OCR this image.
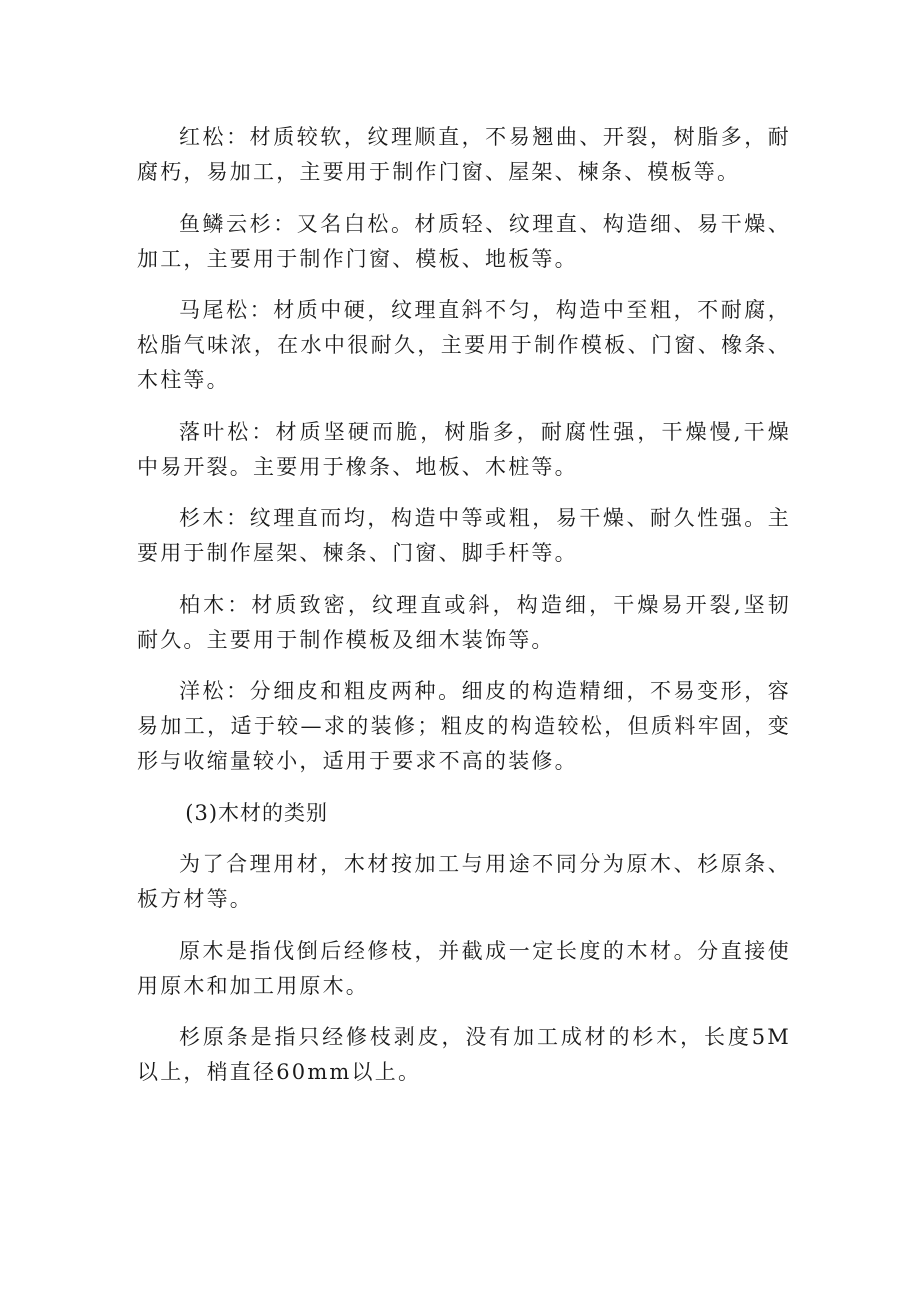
红松：材质较软，纹理顺直，不易翘曲、开裂，树脂多，耐腐朽，易加工，主要用于制作门窗、屋架、楝条、模板等。

鱼鳞云杉：又名白松。材质轻、纹理直、构造细、易干燥、加工，主要用于制作门窗、模板、地板等。

马尾松：材质中硬，纹理直斜不匀，构造中至粗，不耐腐，松脂气味浓，在水中很耐久，主要用于制作模板、门窗、橡条、木柱等。

落叶松：材质坚硬而脆，树脂多，耐腐性强，干燥慢,干燥中易开裂。主要用于橡条、地板、木桩等。

杉木：纹理直而均，构造中等或粗，易干燥、耐久性强。主要用于制作屋架、楝条、门窗、脚手杆等。

柏木：材质致密，纹理直或斜，构造细，干燥易开裂,坚韧耐久。主要用于制作模板及细木装饰等。

洋松：分细皮和粗皮两种。细皮的构造精细，不易变形，容易加工，适于较—求的装修；粗皮的构造较松，但质料牢固，变形与收缩量较小，适用于要求不高的装修。

(3)木材的类别

为了合理用材，木材按加工与用途不同分为原木、杉原条、板方材等。

原木是指伐倒后经修枝，并截成一定长度的木材。分直接使用原木和加工用原木。

杉原条是指只经修枝剥皮，没有加工成材的杉木，长度5M以上，梢直径60mm以上。
